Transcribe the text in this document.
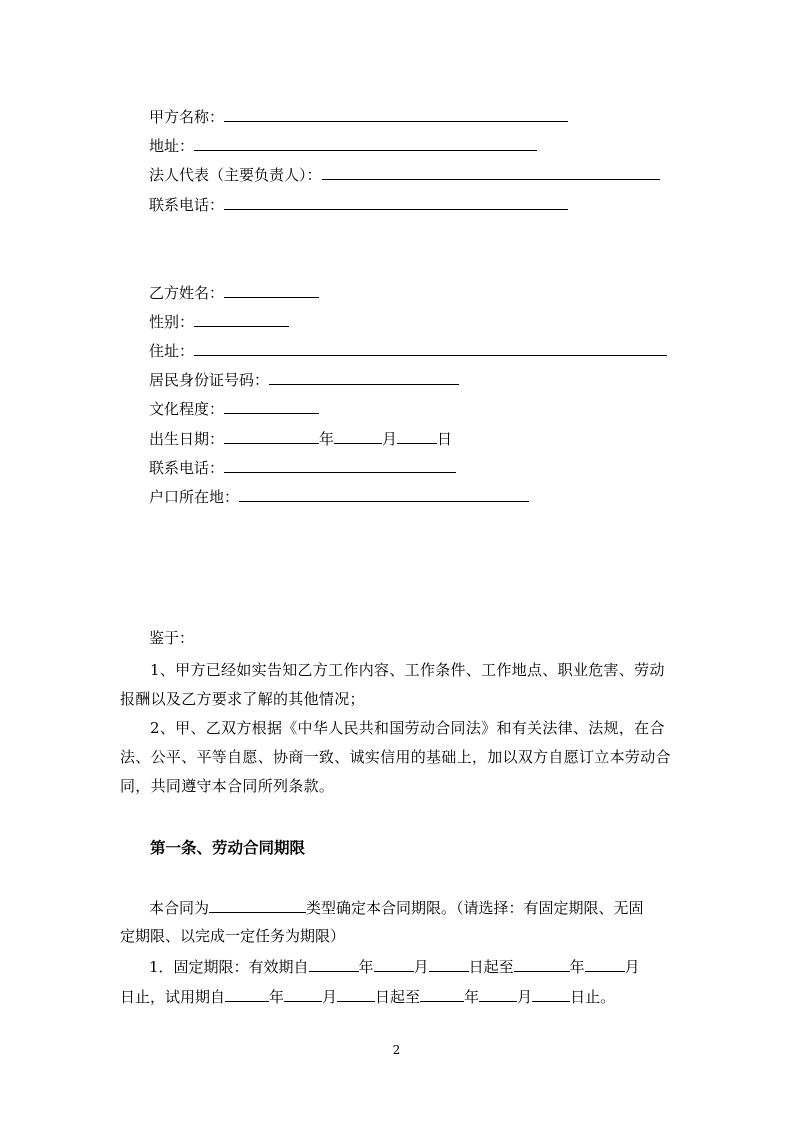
甲方名称：
地址：
法人代表（主要负责人）：
联系电话：
乙方姓名：
性别：
住址：
居民身份证号码：
文化程度：
出生日期：	年	月	日
联系电话：
户口所在地：
鉴于：
1、甲方已经如实告知乙方工作内容、工作条件、工作地点、职业危害、劳动报酬以及乙方要求了解的其他情况；
2、甲、乙双方根据《中华人民共和国劳动合同法》和有关法律、法规，在合法、公平、平等自愿、协商一致、诚实信用的基础上，加以双方自愿订立本劳动合同，共同遵守本合同所列条款。
第一条、劳动合同期限
本合同为	类型确定本合同期限。（请选择：有固定期限、无固
定期限、以完成一定任务为期限）
1．固定期限：有效期自	年	月	日起至	年	月
日止，试用期自	年	月	日起至	年	月	日止。
2
